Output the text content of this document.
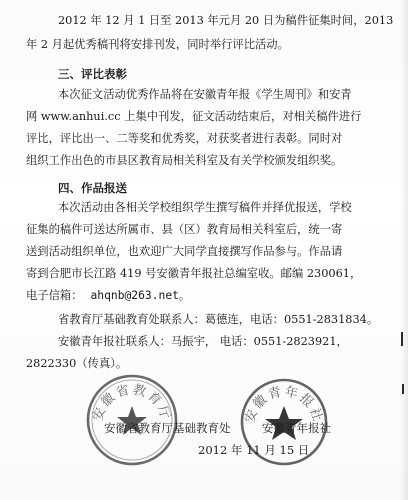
2012 年 12 月 1 日至 2013 年元月 20 日为稿件征集时间，2013
年 2 月起优秀稿刊将安排刊发，同时举行评比活动。
三、评比表彰
本次征文活动优秀作品将在安徽青年报《学生周刊》和安青
网 www.anhui.cc 上集中刊发，征文活动结束后，对相关稿件进行
评比，评比出一、二等奖和优秀奖，对获奖者进行表彰。同时对
组织工作出色的市县区教育局相关科室及有关学校颁发组织奖。
四、作品报送
本次活动由各相关学校组织学生撰写稿件并择优报送，学校
征集的稿件可送达所属市、县（区）教育局相关科室后，统一寄
送到活动组织单位，也欢迎广大同学直接撰写作品参与。作品请
寄到合肥市长江路 419 号安徽青年报社总编室收。邮编 230061，
电子信箱： ahqnb@263.net。
省教育厅基础教育处联系人：葛德连，电话：0551-2831834。
安徽青年报社联系人：马振宇， 电话：0551-2823921，
2822330（传真）。
安徽省教育厅	安徽青年报社
安徽省教育厅基础教育处	安徽青年报社
2012 年 11 月 15 日
